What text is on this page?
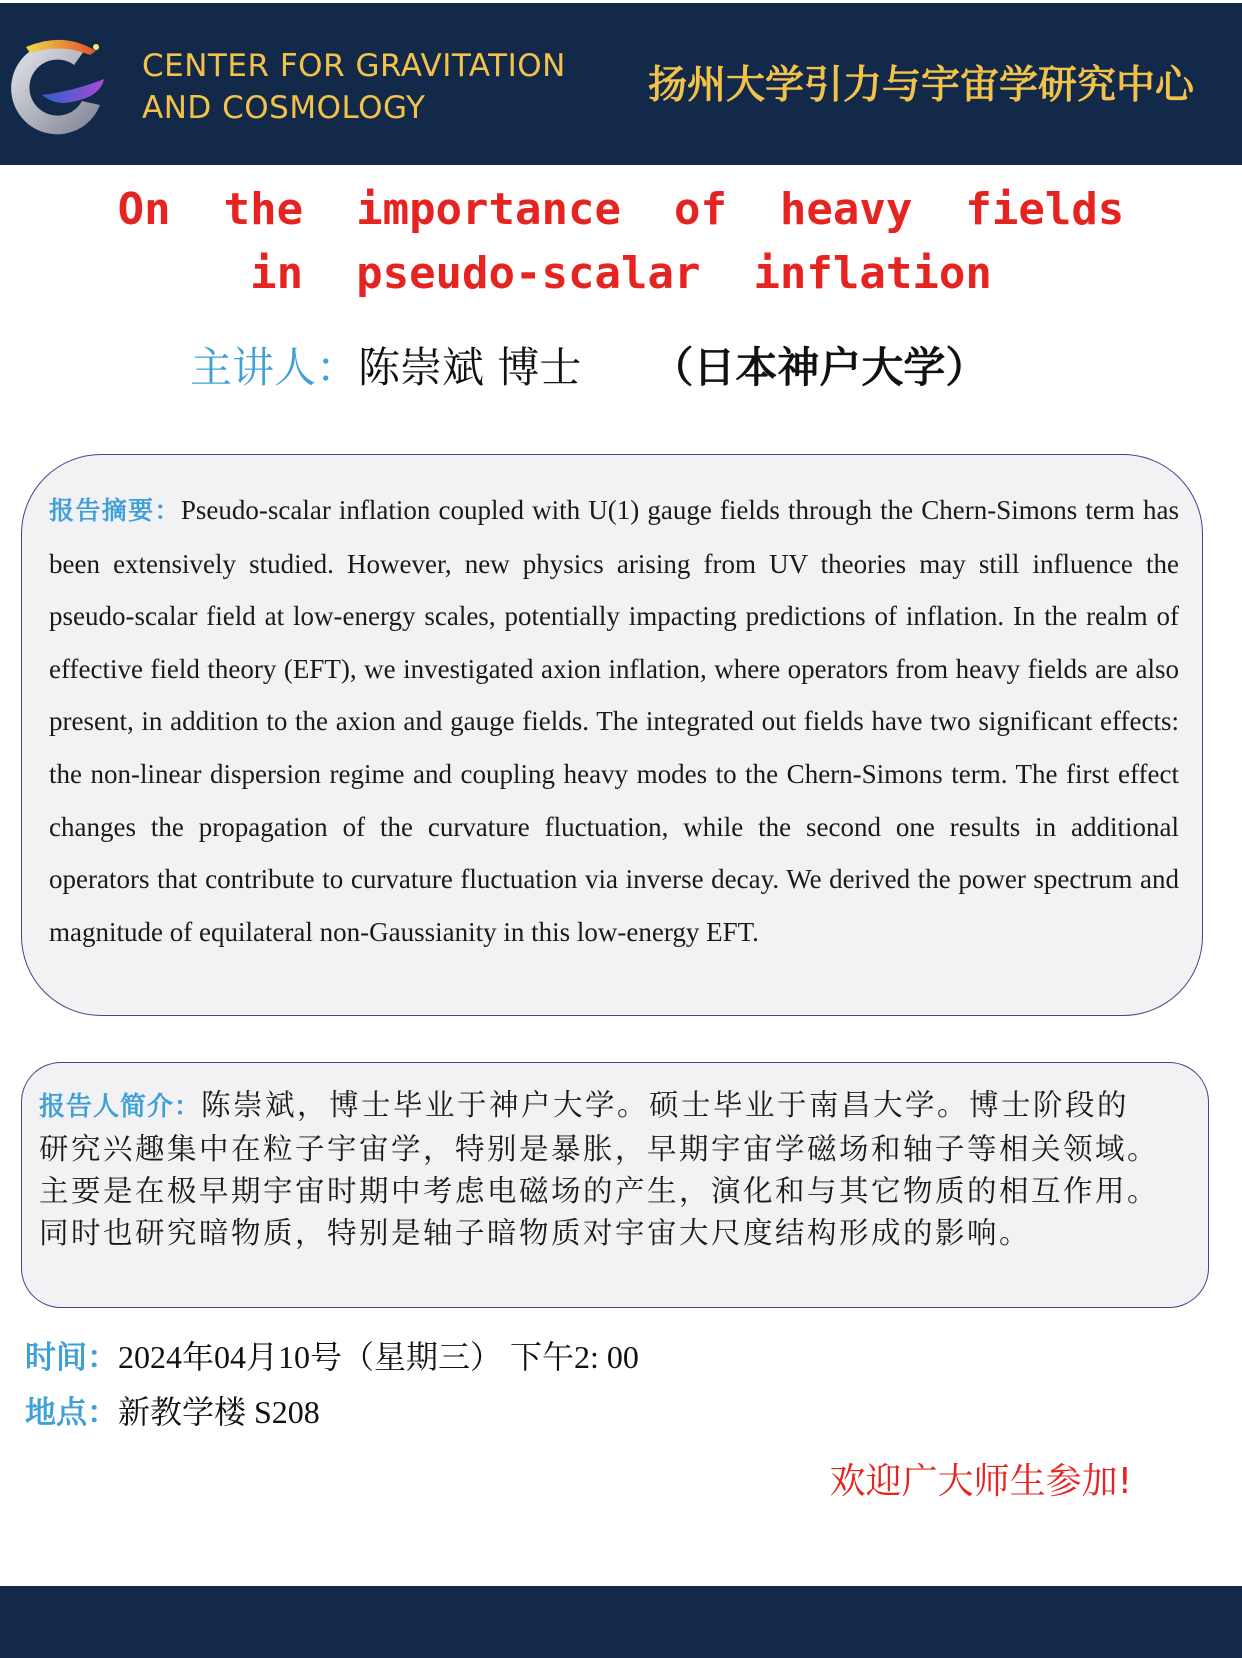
CENTER FOR GRAVITATION
AND COSMOLOGY	扬州大学引力与宇宙学研究中心
On  the  importance  of  heavy  fields
in  pseudo-scalar  inflation
主讲人：陈崇斌 博士 （日本神户大学）
报告摘要：Pseudo-scalar inflation coupled with U(1) gauge fields through the Chern-Simons term has been extensively studied. However, new physics arising from UV theories may still influence the pseudo-scalar field at low-energy scales, potentially impacting predictions of inflation. In the realm of effective field theory (EFT), we investigated axion inflation, where operators from heavy fields are also present, in addition to the axion and gauge fields. The integrated out fields have two significant effects: the non-linear dispersion regime and coupling heavy modes to the Chern-Simons term. The first effect changes the propagation of the curvature fluctuation, while the second one results in additional operators that contribute to curvature fluctuation via inverse decay. We derived the power spectrum and magnitude of equilateral non-Gaussianity in this low-energy EFT.
报告人简介：陈崇斌，博士毕业于神户大学。硕士毕业于南昌大学。博士阶段的研究兴趣集中在粒子宇宙学，特别是暴胀，早期宇宙学磁场和轴子等相关领域。主要是在极早期宇宙时期中考虑电磁场的产生，演化和与其它物质的相互作用。同时也研究暗物质，特别是轴子暗物质对宇宙大尺度结构形成的影响。
时间：2024年04月10号（星期三） 下午2: 00
地点：新教学楼 S208
欢迎广大师生参加!
